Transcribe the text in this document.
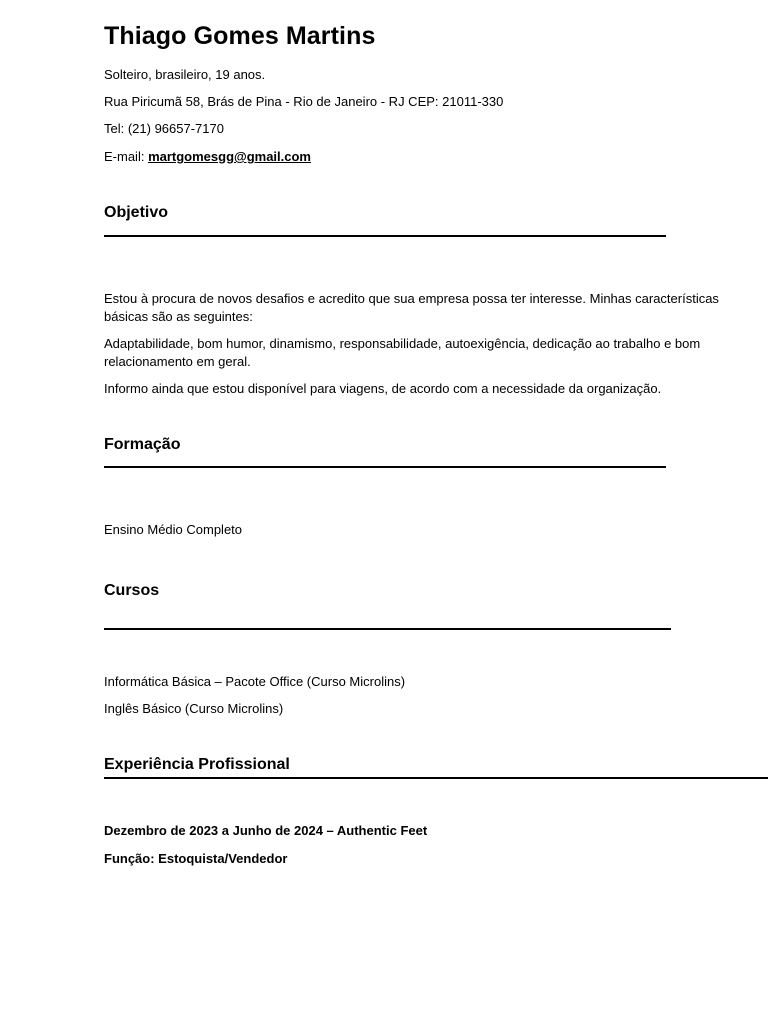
Thiago Gomes Martins
Solteiro, brasileiro, 19 anos.
Rua Piricumã 58, Brás de Pina - Rio de Janeiro - RJ CEP: 21011-330
Tel: (21) 96657-7170
E-mail: martgomesgg@gmail.com
Objetivo
Estou à procura de novos desafios e acredito que sua empresa possa ter interesse. Minhas características básicas são as seguintes:
Adaptabilidade, bom humor, dinamismo, responsabilidade, autoexigência, dedicação ao trabalho e bom relacionamento em geral.
Informo ainda que estou disponível para viagens, de acordo com a necessidade da organização.
Formação
Ensino Médio Completo
Cursos
Informática Básica – Pacote Office (Curso Microlins)
Inglês Básico (Curso Microlins)
Experiência Profissional
Dezembro de 2023 a Junho de 2024 – Authentic Feet
Função: Estoquista/Vendedor
